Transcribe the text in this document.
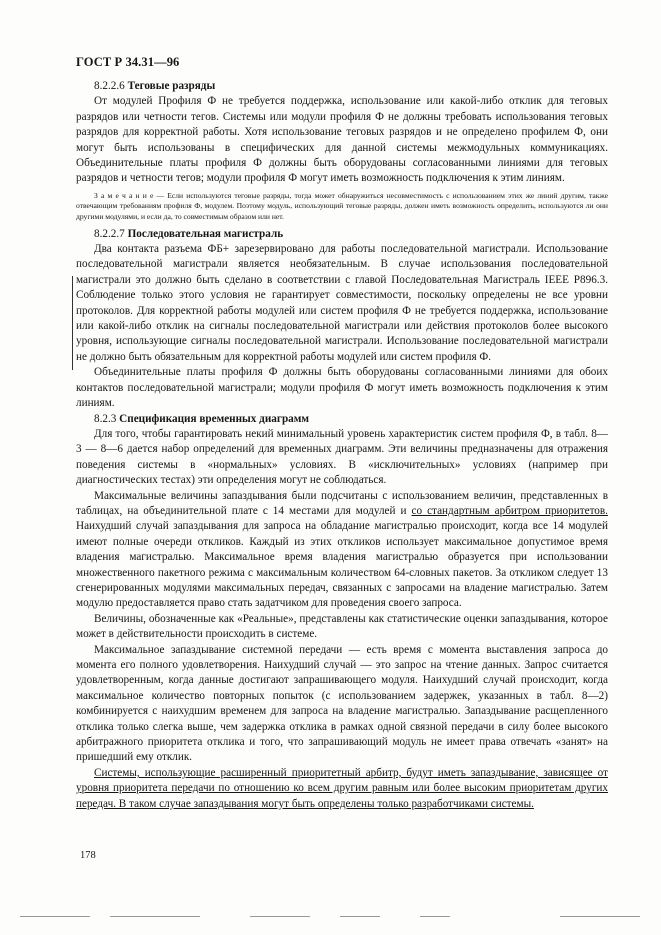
ГОСТ Р 34.31—96
8.2.2.6 Теговые разряды

От модулей Профиля Ф не требуется поддержка, использование или какой-либо отклик для теговых разрядов или четности тегов. Системы или модули профиля Ф не должны требовать использования теговых разрядов для корректной работы. Хотя использование теговых разрядов и не определено профилем Ф, они могут быть использованы в специфических для данной системы межмодульных коммуникациях. Объединительные платы профиля Ф должны быть оборудованы согласованными линиями для теговых разрядов и четности тегов; модули профиля Ф могут иметь возможность подключения к этим линиям.

З а м е ч а н и е — Если используются теговые разряды, тогда может обнаружиться несовместимость с использованием этих же линий другим, также отвечающим требованиям профиля Ф, модулем. Поэтому модуль, использующий теговые разряды, должен иметь возможность определить, используются ли они другими модулями, и если да, то совместимым образом или нет.

8.2.2.7 Последовательная магистраль

Два контакта разъема ФБ+ зарезервировано для работы последовательной магистрали. Использование последовательной магистрали является необязательным. В случае использования последовательной магистрали это должно быть сделано в соответствии с главой Последовательная Магистраль IEEE P896.3. Соблюдение только этого условия не гарантирует совместимости, поскольку определены не все уровни протоколов. Для корректной работы модулей или систем профиля Ф не требуется поддержка, использование или какой-либо отклик на сигналы последовательной магистрали или действия протоколов более высокого уровня, использующие сигналы последовательной магистрали. Использование последовательной магистрали не должно быть обязательным для корректной работы модулей или систем профиля Ф.

Объединительные платы профиля Ф должны быть оборудованы согласованными линиями для обоих контактов последовательной магистрали; модули профиля Ф могут иметь возможность подключения к этим линиям.

8.2.3 Спецификация временных диаграмм

Для того, чтобы гарантировать некий минимальный уровень характеристик систем профиля Ф, в табл. 8—3 — 8—6 дается набор определений для временных диаграмм. Эти величины предназначены для отражения поведения системы в «нормальных» условиях. В «исключительных» условиях (например при диагностических тестах) эти определения могут не соблюдаться.

Максимальные величины запаздывания были подсчитаны с использованием величин, представленных в таблицах, на объединительной плате с 14 местами для модулей и со стандартным арбитром приоритетов. Наихудший случай запаздывания для запроса на обладание магистралью происходит, когда все 14 модулей имеют полные очереди откликов. Каждый из этих откликов использует максимальное допустимое время владения магистралью. Максимальное время владения магистралью образуется при использовании множественного пакетного режима с максимальным количеством 64-словных пакетов. За откликом следует 13 сгенерированных модулями максимальных передач, связанных с запросами на владение магистралью. Затем модулю предоставляется право стать задатчиком для проведения своего запроса.

Величины, обозначенные как «Реальные», представлены как статистические оценки запаздывания, которое может в действительности происходить в системе.

Максимальное запаздывание системной передачи — есть время с момента выставления запроса до момента его полного удовлетворения. Наихудший случай — это запрос на чтение данных. Запрос считается удовлетворенным, когда данные достигают запрашивающего модуля. Наихудший случай происходит, когда максимальное количество повторных попыток (с использованием задержек, указанных в табл. 8—2) комбинируется с наихудшим временем для запроса на владение магистралью. Запаздывание расщепленного отклика только слегка выше, чем задержка отклика в рамках одной связной передачи в силу более высокого арбитражного приоритета отклика и того, что запрашивающий модуль не имеет права отвечать «занят» на пришедший ему отклик.

Системы, использующие расширенный приоритетный арбитр, будут иметь запаздывание, зависящее от уровня приоритета передачи по отношению ко всем другим равным или более высоким приоритетам других передач. В таком случае запаздывания могут быть определены только разработчиками системы.

178
